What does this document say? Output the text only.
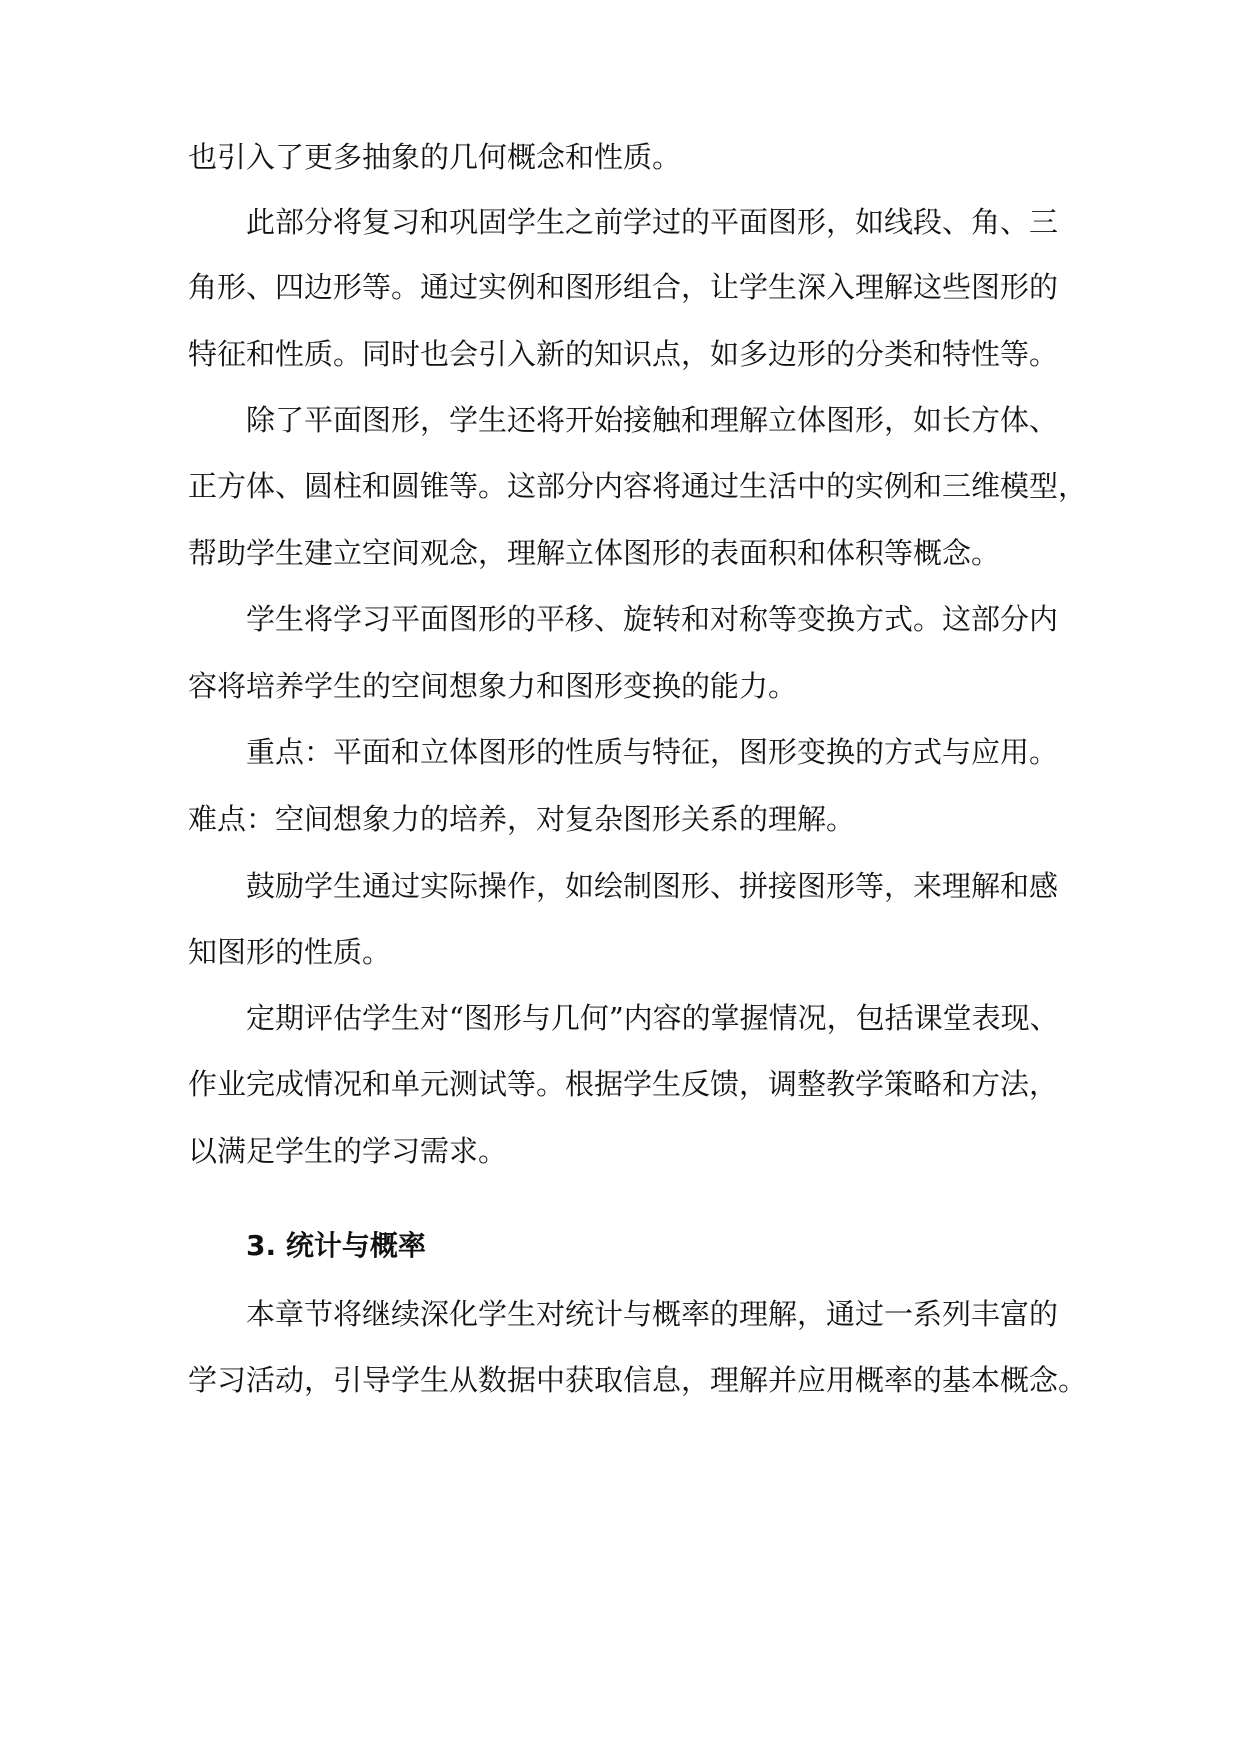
也引入了更多抽象的几何概念和性质。
此部分将复习和巩固学生之前学过的平面图形，如线段、角、三
角形、四边形等。通过实例和图形组合，让学生深入理解这些图形的
特征和性质。同时也会引入新的知识点，如多边形的分类和特性等。
除了平面图形，学生还将开始接触和理解立体图形，如长方体、
正方体、圆柱和圆锥等。这部分内容将通过生活中的实例和三维模型，
帮助学生建立空间观念，理解立体图形的表面积和体积等概念。
学生将学习平面图形的平移、旋转和对称等变换方式。这部分内
容将培养学生的空间想象力和图形变换的能力。
重点：平面和立体图形的性质与特征，图形变换的方式与应用。
难点：空间想象力的培养，对复杂图形关系的理解。
鼓励学生通过实际操作，如绘制图形、拼接图形等，来理解和感
知图形的性质。
定期评估学生对“图形与几何”内容的掌握情况，包括课堂表现、
作业完成情况和单元测试等。根据学生反馈，调整教学策略和方法，
以满足学生的学习需求。
3. 统计与概率
本章节将继续深化学生对统计与概率的理解，通过一系列丰富的
学习活动，引导学生从数据中获取信息，理解并应用概率的基本概念。
